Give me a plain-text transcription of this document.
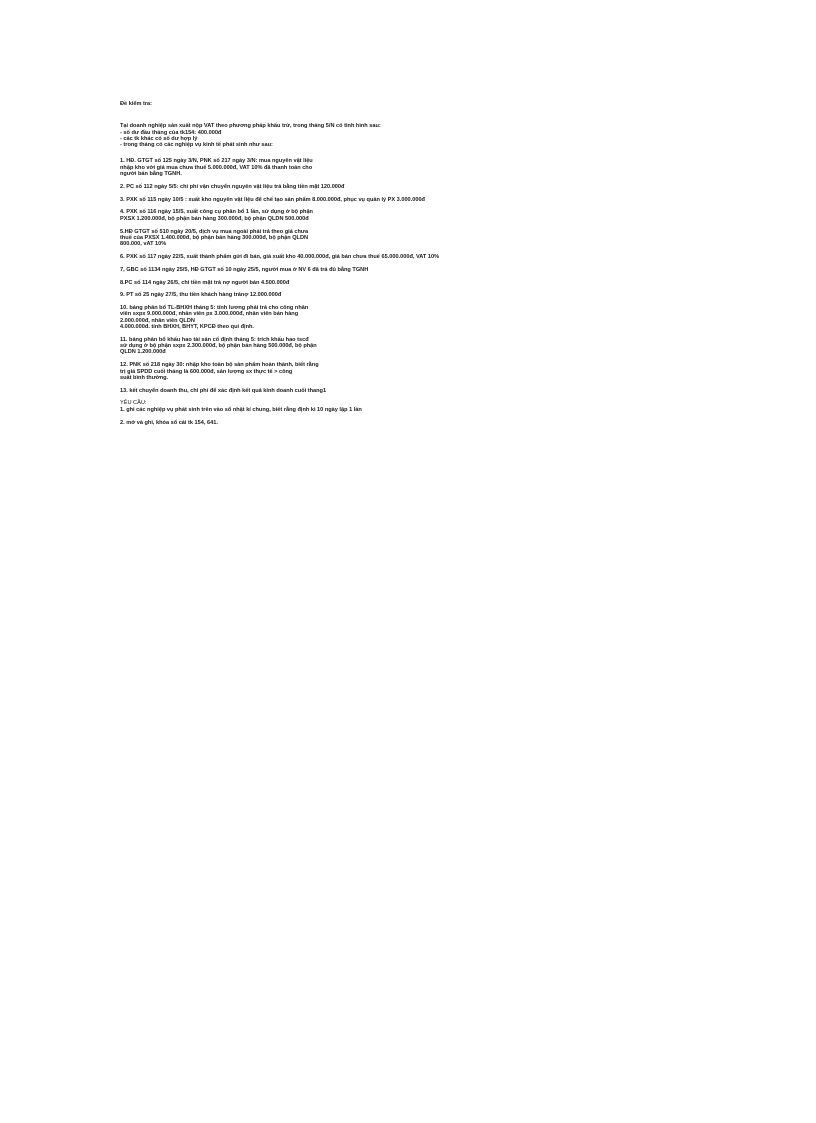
Đề kiểm tra:
Tại doanh nghiệp sản xuất nộp VAT theo phương pháp khấu trừ, trong tháng 5/N có tình hình sau:
- số dư đầu tháng của tk154: 400.000đ
- các tk khác có số dư hợp lý
- trong tháng có các nghiệp vụ kinh tế phát sinh như sau:
1. HĐ. GTGT số 125 ngày 3/N, PNK số 217 ngày 3/N: mua nguyên vật liệu
nhập kho với giá mua chưa thuế 5.000.000đ, VAT 10% đã thanh toán cho
người bán bằng TGNH.
2. PC số 112 ngày 5/5: chi phí vận chuyển nguyên vật liệu trả bằng tiền mặt 120.000đ
3. PXK số 115 ngày 10/5 : xuất kho nguyên vật liệu để chế tạo sản phẩm 8.000.000đ, phục vụ quản lý PX 3.000.000đ
4. PXK số 116 ngày 15/5, xuất công cụ phân bổ 1 lần, sử dụng ở bộ phận
PXSX 1.200.000đ, bộ phận bán hàng 300.000đ, bộ phận QLDN 500.000đ
5.HĐ GTGT số 510 ngày 20/5, dịch vụ mua ngoài phải trả theo giá chưa
thuế của PXSX 1.400.000đ, bộ phận bán hàng 300.000đ, bộ phận QLDN
800.000, vAT 10%
6. PXK số 117 ngày 22/5, xuất thành phẩm gửi đi bán, giá xuất kho 40.000.000đ, giá bán chưa thuế 65.000.000đ, VAT 10%
7, GBC số 1134 ngày 25/5, HĐ GTGT số 10 ngày 25/5, người mua ở NV 6 đã trả đủ bằng TGNH
8.PC số 114 ngày 26/5, chi tiền mặt trả nợ người bán 4.500.000đ
9. PT số 25 ngày 27/5, thu tiền khách hàng trảnợ 12.000.000đ
10. bảng phân bổ TL-BHXH tháng 5: tính lương phải trả cho công nhân
viên sxpx 9.000.000đ, nhân viên px 3.000.000đ, nhân viên bán hàng
2.000.000đ, nhân viên QLDN
4.000.000đ. tính BHXH, BHYT, KPCĐ theo qui định.
11. bảng phân bổ khấu hao tài sản cố định tháng 5: trích khấu hao tscđ
sử dụng ở bộ phận sxpx 2.300.000đ, bộ phận bán hàng 500.000đ, bộ phận
QLDN 1.200.000đ
12. PNK số 218 ngày 30: nhập kho toàn bộ sản phẩm hoàn thành, biết rằng
trị giá SPDD cuối tháng là 600.000đ, sản lượng sx thực tế > công
suất bình thường.
13. kết chuyển doanh thu, chi phí để xác định kết quả kinh doanh cuối thang1
YÊU CẦU:
1. ghi các nghiệp vụ phát sinh trên vào sổ nhật kí chung, biết rằng định kì 10 ngày lập 1 lần
2. mở và ghi, khóa sổ cái tk 154, 641.
